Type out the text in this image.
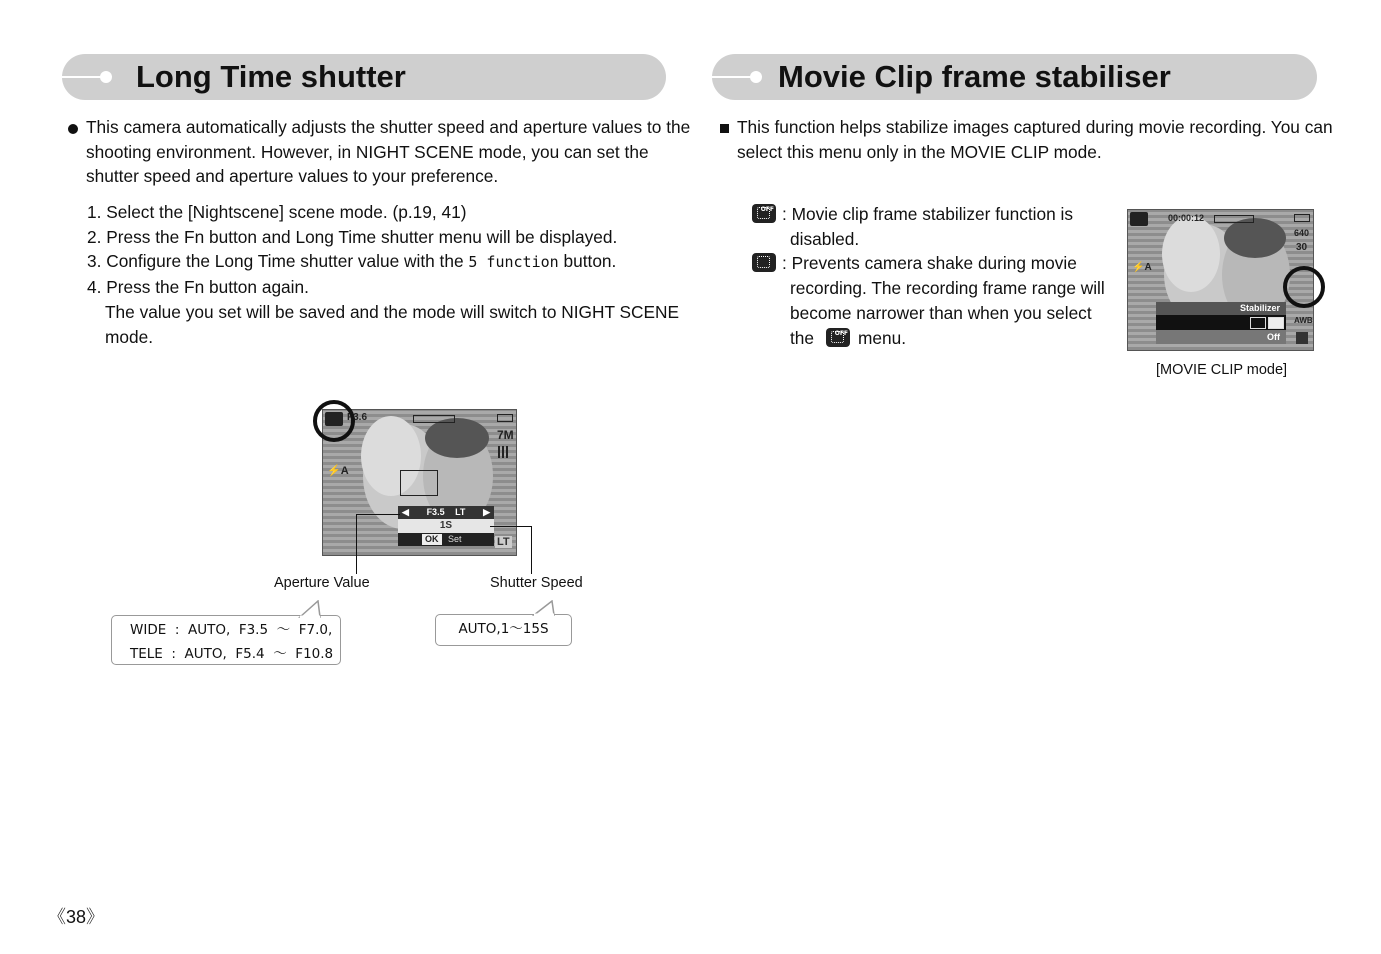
Long Time shutter	Movie Clip frame stabiliser
This camera automatically adjusts the shutter speed and aperture values to the
shooting environment. However, in NIGHT SCENE mode, you can set the
shutter speed and aperture values to your preference.
1. Select the [Nightscene] scene mode. (p.19, 41)
2. Press the Fn button and Long Time shutter menu will be displayed.
3. Configure the Long Time shutter value with the 5 function button.
4. Press the Fn button again.
The value you set will be saved and the mode will switch to NIGHT SCENE
mode.
F3.6
7M
⚡A
◀ F3.5 LT ▶
1S
OK	Set	LT
Aperture Value	Shutter Speed
WIDE  :  AUTO,  F3.5  ～  F7.0,
TELE  :  AUTO,  F5.4  ～  F10.8
AUTO,1～15S
This function helps stabilize images captured during movie recording. You can
select this menu only in the MOVIE CLIP mode.
OFF : Movie clip frame stabilizer function is
disabled.
: Prevents camera shake during movie
recording. The recording frame range will
become narrower than when you select
the	OFF menu.
00:00:12
640
30
⚡A
Stabilizer
Off
AWB
[MOVIE CLIP mode]
《38》
